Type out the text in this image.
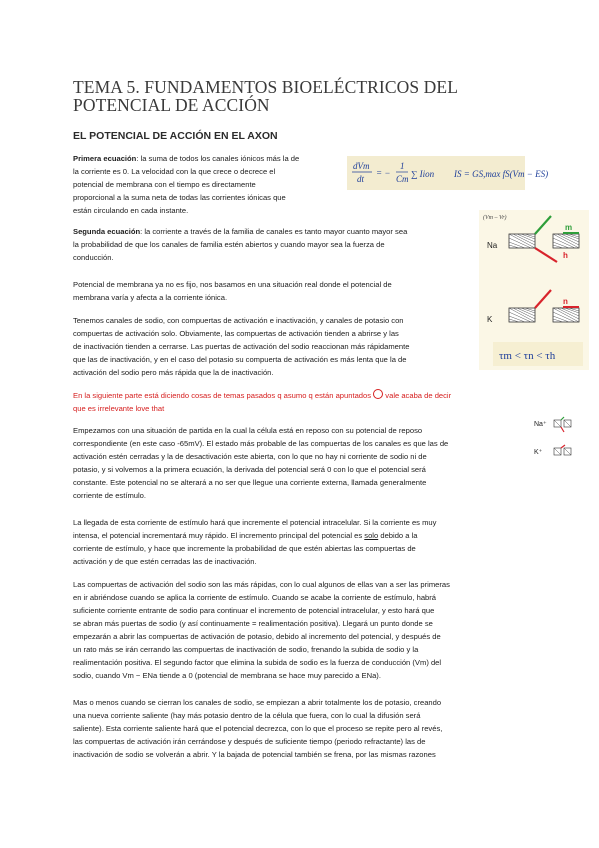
TEMA 5. FUNDAMENTOS BIOELÉCTRICOS DEL
POTENCIAL DE ACCIÓN
EL POTENCIAL DE ACCIÓN EN EL AXON
dVm
dt
= −
1
Cm ∑ Iion IS = GS,max fS(Vm − ES)
(Vm – Vr)
Na
m
h
K
n
τm < τn < τh
Na⁺
K⁺
Primera ecuación: la suma de todos los canales iónicos más la de
la corriente es 0. La velocidad con la que crece o decrece el
potencial de membrana con el tiempo es directamente
proporcional a la suma neta de todas las corrientes iónicas que
están circulando en cada instante.
Segunda ecuación: la corriente a través de la familia de canales es tanto mayor cuanto mayor sea
la probabilidad de que los canales de familia estén abiertos y cuando mayor sea la fuerza de
conducción.
Potencial de membrana ya no es fijo, nos basamos en una situación real donde el potencial de
membrana varía y afecta a la corriente iónica.
Tenemos canales de sodio, con compuertas de activación e inactivación, y canales de potasio con
compuertas de activación solo. Obviamente, las compuertas de activación tienden a abrirse y las
de inactivación tienden a cerrarse. Las puertas de activación del sodio reaccionan más rápidamente
que las de inactivación, y en el caso del potasio su compuerta de activación es más lenta que la de
activación del sodio pero más rápida que la de inactivación.
En la siguiente parte está diciendo cosas de temas pasados q asumo q están apuntados vale acaba de decir
que es irrelevante love that
Empezamos con una situación de partida en la cual la célula está en reposo con su potencial de reposo
correspondiente (en este caso -65mV). El estado más probable de las compuertas de los canales es que las de
activación estén cerradas y la de desactivación este abierta, con lo que no hay ni corriente de sodio ni de
potasio, y si volvemos a la primera ecuación, la derivada del potencial será 0 con lo que el potencial será
constante. Este potencial no se alterará a no ser que llegue una corriente externa, llamada generalmente
corriente de estímulo.
La llegada de esta corriente de estímulo hará que incremente el potencial intracelular. Si la corriente es muy
intensa, el potencial incrementará muy rápido. El incremento principal del potencial es solo debido a la
corriente de estímulo, y hace que incremente la probabilidad de que estén abiertas las compuertas de
activación y de que estén cerradas las de inactivación.
Las compuertas de activación del sodio son las más rápidas, con lo cual algunos de ellas van a ser las primeras
en ir abriéndose cuando se aplica la corriente de estímulo. Cuando se acabe la corriente de estímulo, habrá
suficiente corriente entrante de sodio para continuar el incremento de potencial intracelular, y esto hará que
se abran más puertas de sodio (y así continuamente = realimentación positiva). Llegará un punto donde se
empezarán a abrir las compuertas de activación de potasio, debido al incremento del potencial, y después de
un rato más se irán cerrando las compuertas de inactivación de sodio, frenando la subida de sodio y la
realimentación positiva. El segundo factor que elimina la subida de sodio es la fuerza de conducción (Vm) del
sodio, cuando Vm − ENa tiende a 0 (potencial de membrana se hace muy parecido a ENa).
Mas o menos cuando se cierran los canales de sodio, se empiezan a abrir totalmente los de potasio, creando
una nueva corriente saliente (hay más potasio dentro de la célula que fuera, con lo cual la difusión será
saliente). Esta corriente saliente hará que el potencial decrezca, con lo que el proceso se repite pero al revés,
las compuertas de activación irán cerrándose y después de suficiente tiempo (periodo refractante) las de
inactivación de sodio se volverán a abrir. Y la bajada de potencial también se frena, por las mismas razones
